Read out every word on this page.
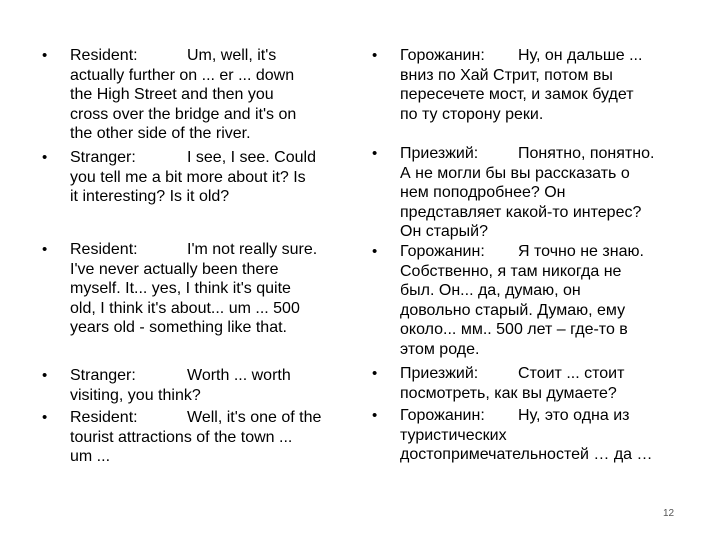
• Resident:	Um, well, it's
actually further on ... er ... down
the High Street and then you
cross over the bridge and it's on
the other side of the river.
• Stranger:	I see, I see. Could
you tell me a bit more about it? Is
it interesting? Is it old?
• Resident:	I'm not really sure.
I've never actually been there
myself. It... yes, I think it's quite
old, I think it's about... um ... 500
years old - something like that.
• Stranger:	Worth ... worth
visiting, you think?
• Resident:	Well, it's one of the
tourist attractions of the town ...
um ...
• Горожанин: Ну, он дальше ...
вниз по Хай Стрит, потом вы
пересечете мост, и замок будет
по ту сторону реки.
• Приезжий: Понятно, понятно.
А не могли бы вы рассказать о
нем поподробнее? Он
представляет какой-то интерес?
Он старый?
• Горожанин: Я точно не знаю.
Собственно, я там никогда не
был. Он... да, думаю, он
довольно старый. Думаю, ему
около... мм.. 500 лет – где-то в
этом роде.
• Приезжий: Стоит ... стоит
посмотреть, как вы думаете?
• Горожанин: Ну, это одна из
туристических
достопримечательностей … да …
12
